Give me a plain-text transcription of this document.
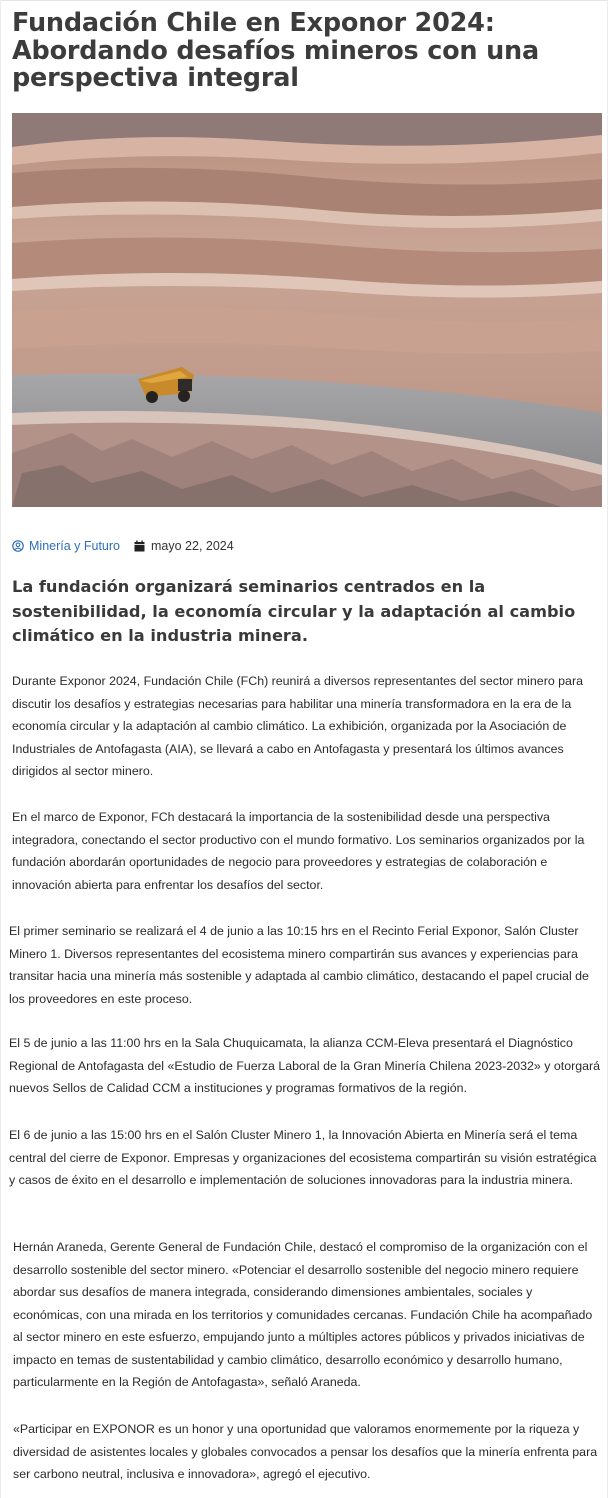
Fundación Chile en Exponor 2024: Abordando desafíos mineros con una perspectiva integral
Minería y Futuro mayo 22, 2024

La fundación organizará seminarios centrados en la sostenibilidad, la economía circular y la adaptación al cambio climático en la industria minera.

Durante Exponor 2024, Fundación Chile (FCh) reunirá a diversos representantes del sector minero para discutir los desafíos y estrategias necesarias para habilitar una minería transformadora en la era de la economía circular y la adaptación al cambio climático. La exhibición, organizada por la Asociación de Industriales de Antofagasta (AIA), se llevará a cabo en Antofagasta y presentará los últimos avances dirigidos al sector minero.

En el marco de Exponor, FCh destacará la importancia de la sostenibilidad desde una perspectiva integradora, conectando el sector productivo con el mundo formativo. Los seminarios organizados por la fundación abordarán oportunidades de negocio para proveedores y estrategias de colaboración e innovación abierta para enfrentar los desafíos del sector.

El primer seminario se realizará el 4 de junio a las 10:15 hrs en el Recinto Ferial Exponor, Salón Cluster Minero 1. Diversos representantes del ecosistema minero compartirán sus avances y experiencias para transitar hacia una minería más sostenible y adaptada al cambio climático, destacando el papel crucial de los proveedores en este proceso.

El 5 de junio a las 11:00 hrs en la Sala Chuquicamata, la alianza CCM-Eleva presentará el Diagnóstico Regional de Antofagasta del «Estudio de Fuerza Laboral de la Gran Minería Chilena 2023-2032» y otorgará nuevos Sellos de Calidad CCM a instituciones y programas formativos de la región.

El 6 de junio a las 15:00 hrs en el Salón Cluster Minero 1, la Innovación Abierta en Minería será el tema central del cierre de Exponor. Empresas y organizaciones del ecosistema compartirán su visión estratégica y casos de éxito en el desarrollo e implementación de soluciones innovadoras para la industria minera.

Hernán Araneda, Gerente General de Fundación Chile, destacó el compromiso de la organización con el desarrollo sostenible del sector minero. «Potenciar el desarrollo sostenible del negocio minero requiere abordar sus desafíos de manera integrada, considerando dimensiones ambientales, sociales y económicas, con una mirada en los territorios y comunidades cercanas. Fundación Chile ha acompañado al sector minero en este esfuerzo, empujando junto a múltiples actores públicos y privados iniciativas de impacto en temas de sustentabilidad y cambio climático, desarrollo económico y desarrollo humano, particularmente en la Región de Antofagasta», señaló Araneda.

«Participar en EXPONOR es un honor y una oportunidad que valoramos enormemente por la riqueza y diversidad de asistentes locales y globales convocados a pensar los desafíos que la minería enfrenta para ser carbono neutral, inclusiva e innovadora», agregó el ejecutivo.
